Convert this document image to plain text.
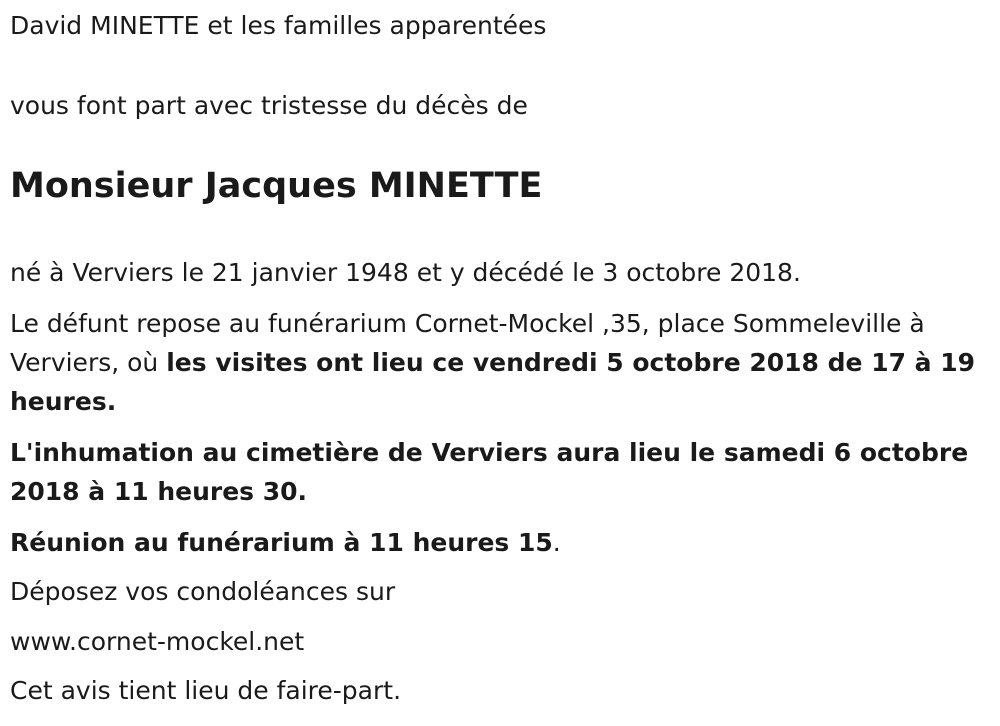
David MINETTE et les familles apparentées

vous font part avec tristesse du décès de

Monsieur Jacques MINETTE

né à Verviers le 21 janvier 1948 et y décédé le 3 octobre 2018.

Le défunt repose au funérarium Cornet-Mockel ,35, place Sommeleville à Verviers, où les visites ont lieu ce vendredi 5 octobre 2018 de 17 à 19 heures.

L'inhumation au cimetière de Verviers aura lieu le samedi 6 octobre 2018 à 11 heures 30.

Réunion au funérarium à 11 heures 15.

Déposez vos condoléances sur

www.cornet-mockel.net

Cet avis tient lieu de faire-part.
